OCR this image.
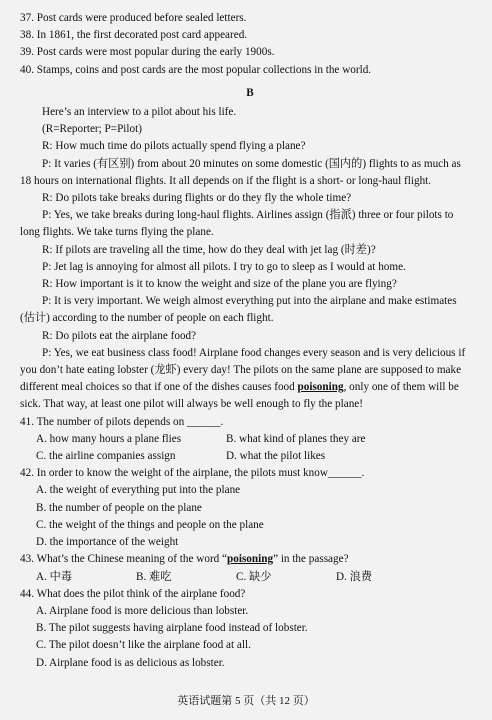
37. Post cards were produced before sealed letters.
38. In 1861, the first decorated post card appeared.
39. Post cards were most popular during the early 1900s.
40. Stamps, coins and post cards are the most popular collections in the world.
B
Here’s an interview to a pilot about his life.
(R=Reporter; P=Pilot)
R: How much time do pilots actually spend flying a plane?
P: It varies (有区别) from about 20 minutes on some domestic (国内的) flights to as much as
18 hours on international flights. It all depends on if the flight is a short- or long-haul flight.
R: Do pilots take breaks during flights or do they fly the whole time?
P: Yes, we take breaks during long-haul flights. Airlines assign (指派) three or four pilots to
long flights. We take turns flying the plane.
R: If pilots are traveling all the time, how do they deal with jet lag (时差)?
P: Jet lag is annoying for almost all pilots. I try to go to sleep as I would at home.
R: How important is it to know the weight and size of the plane you are flying?
P: It is very important. We weigh almost everything put into the airplane and make estimates
(估计) according to the number of people on each flight.
R: Do pilots eat the airplane food?
P: Yes, we eat business class food! Airplane food changes every season and is very delicious if
you don’t hate eating lobster (龙虾) every day! The pilots on the same plane are supposed to make
different meal choices so that if one of the dishes causes food poisoning, only one of them will be
sick. That way, at least one pilot will always be well enough to fly the plane!
41. The number of pilots depends on ______.
A. how many hours a plane flies	B. what kind of planes they are
C. the airline companies assign	D. what the pilot likes
42. In order to know the weight of the airplane, the pilots must know______.
A. the weight of everything put into the plane
B. the number of people on the plane
C. the weight of the things and people on the plane
D. the importance of the weight
43. What’s the Chinese meaning of the word “poisoning” in the passage?
A. 中毒	B. 难吃	C. 缺少	D. 浪费
44. What does the pilot think of the airplane food?
A. Airplane food is more delicious than lobster.
B. The pilot suggests having airplane food instead of lobster.
C. The pilot doesn’t like the airplane food at all.
D. Airplane food is as delicious as lobster.
英语试题第 5 页（共 12 页）
